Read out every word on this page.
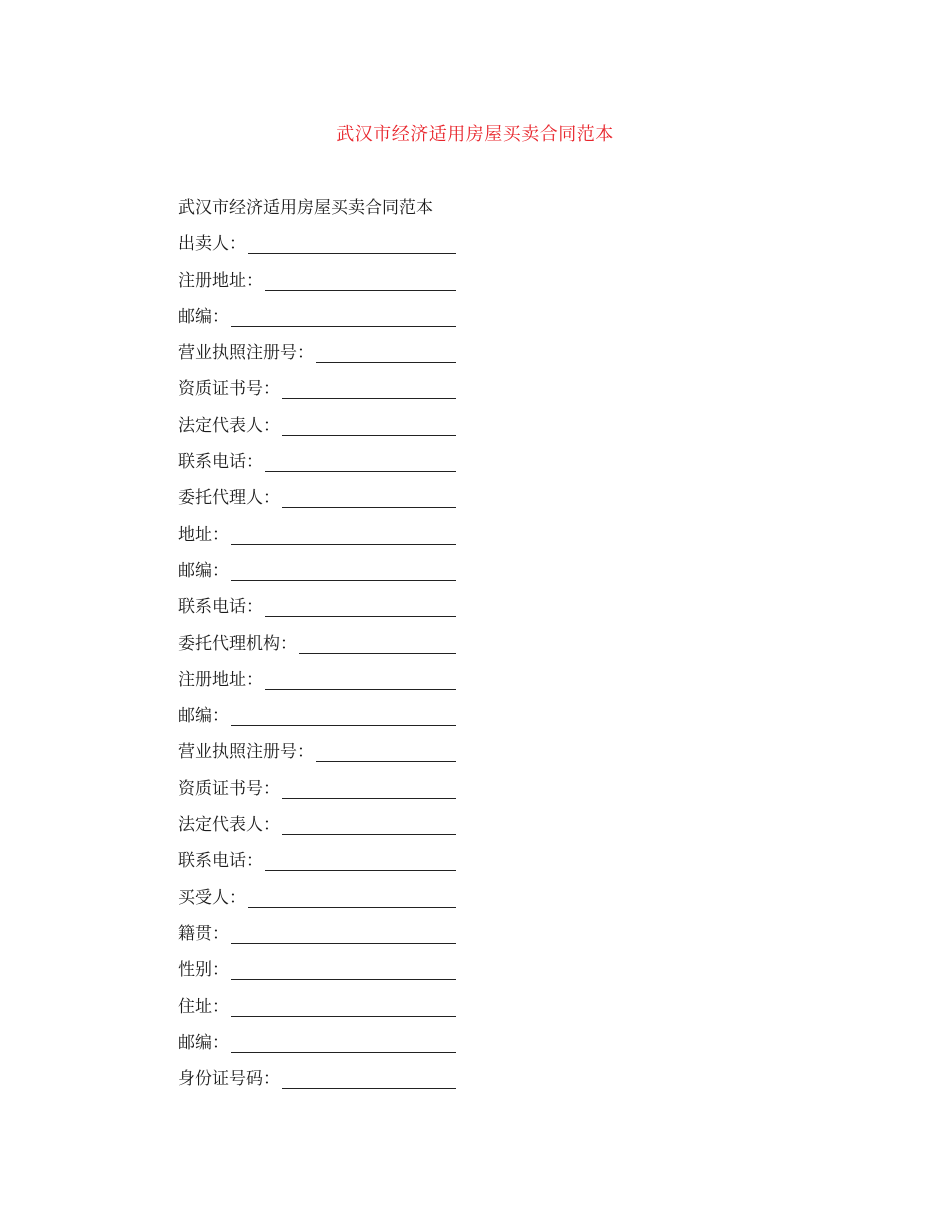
武汉市经济适用房屋买卖合同范本
武汉市经济适用房屋买卖合同范本
出卖人：
注册地址：
邮编：
营业执照注册号：
资质证书号：
法定代表人：
联系电话：
委托代理人：
地址：
邮编：
联系电话：
委托代理机构：
注册地址：
邮编：
营业执照注册号：
资质证书号：
法定代表人：
联系电话：
买受人：
籍贯：
性别：
住址：
邮编：
身份证号码：
